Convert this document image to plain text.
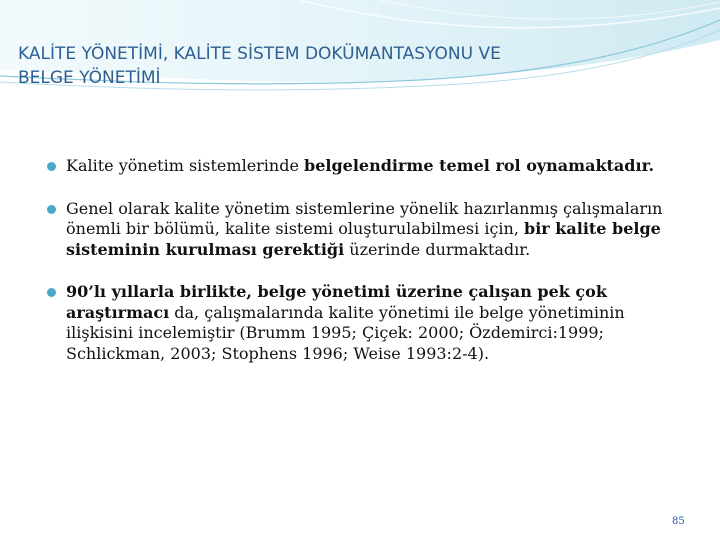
KALİTE YÖNETİMİ, KALİTE SİSTEM DOKÜMANTASYONU VE
BELGE YÖNETİMİ
Kalite yönetim sistemlerinde belgelendirme temel rol oynamaktadır.
Genel olarak kalite yönetim sistemlerine yönelik hazırlanmış çalışmaların önemli bir bölümü, kalite sistemi oluşturulabilmesi için, bir kalite belge sisteminin kurulması gerektiği üzerinde durmaktadır.
90’lı yıllarla birlikte, belge yönetimi üzerine çalışan pek çok araştırmacı da, çalışmalarında kalite yönetimi ile belge yönetiminin ilişkisini incelemiştir (Brumm 1995; Çiçek: 2000; Özdemirci:1999; Schlickman, 2003; Stophens 1996; Weise 1993:2-4).
85
